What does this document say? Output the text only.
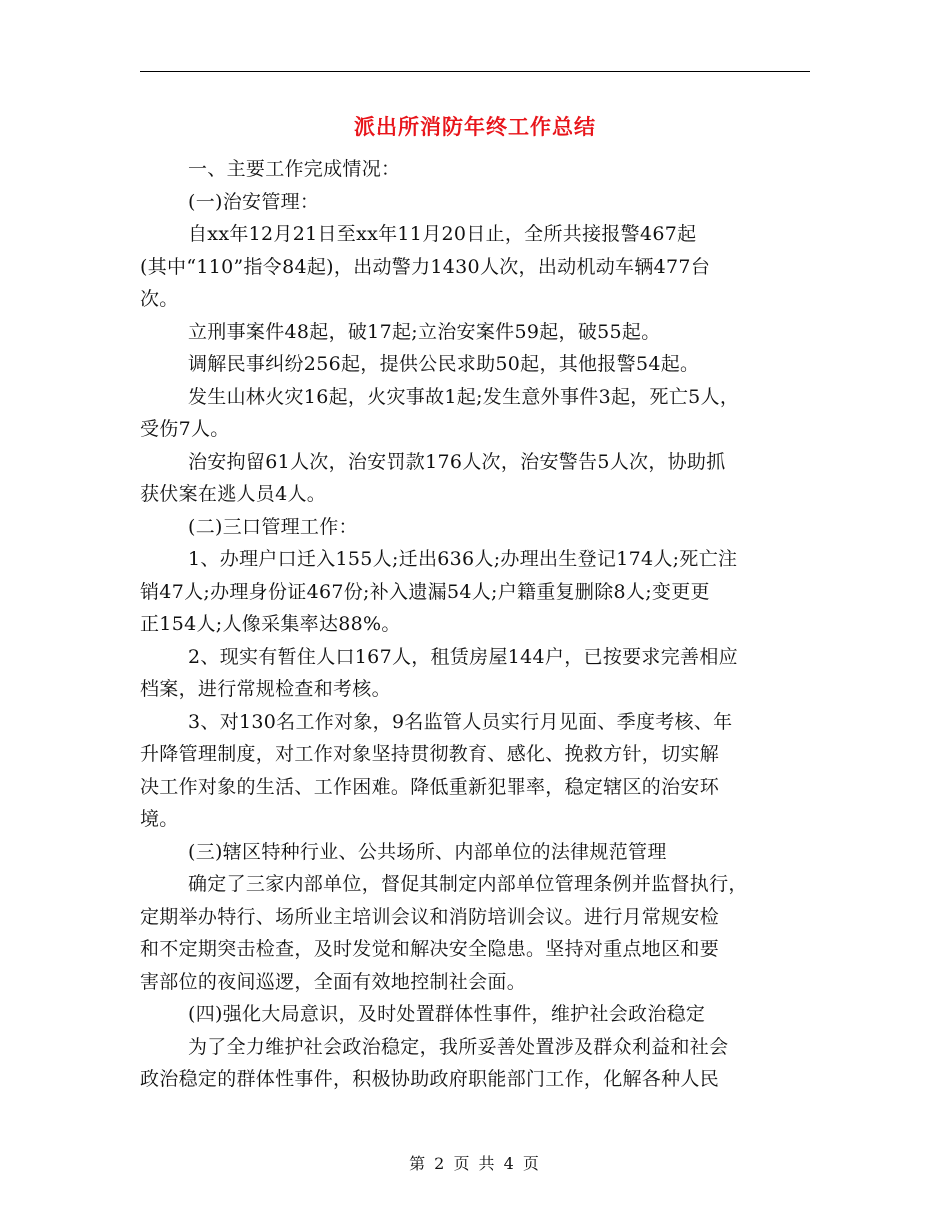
派出所消防年终工作总结
一、主要工作完成情况：
(一)治安管理：
自xx年12月21日至xx年11月20日止，全所共接报警467起
(其中“110”指令84起)，出动警力1430人次，出动机动车辆477台
次。
立刑事案件48起，破17起;立治安案件59起，破55起。
调解民事纠纷256起，提供公民求助50起，其他报警54起。
发生山林火灾16起，火灾事故1起;发生意外事件3起，死亡5人，
受伤7人。
治安拘留61人次，治安罚款176人次，治安警告5人次，协助抓
获伏案在逃人员4人。
(二)三口管理工作：
1、办理户口迁入155人;迁出636人;办理出生登记174人;死亡注
销47人;办理身份证467份;补入遗漏54人;户籍重复删除8人;变更更
正154人;人像采集率达88%。
2、现实有暂住人口167人，租赁房屋144户，已按要求完善相应
档案，进行常规检查和考核。
3、对130名工作对象，9名监管人员实行月见面、季度考核、年
升降管理制度，对工作对象坚持贯彻教育、感化、挽救方针，切实解
决工作对象的生活、工作困难。降低重新犯罪率，稳定辖区的治安环
境。
(三)辖区特种行业、公共场所、内部单位的法律规范管理
确定了三家内部单位，督促其制定内部单位管理条例并监督执行，
定期举办特行、场所业主培训会议和消防培训会议。进行月常规安检
和不定期突击检查，及时发觉和解决安全隐患。坚持对重点地区和要
害部位的夜间巡逻，全面有效地控制社会面。
(四)强化大局意识，及时处置群体性事件，维护社会政治稳定
为了全力维护社会政治稳定，我所妥善处置涉及群众利益和社会
政治稳定的群体性事件，积极协助政府职能部门工作，化解各种人民
第 2 页 共 4 页
